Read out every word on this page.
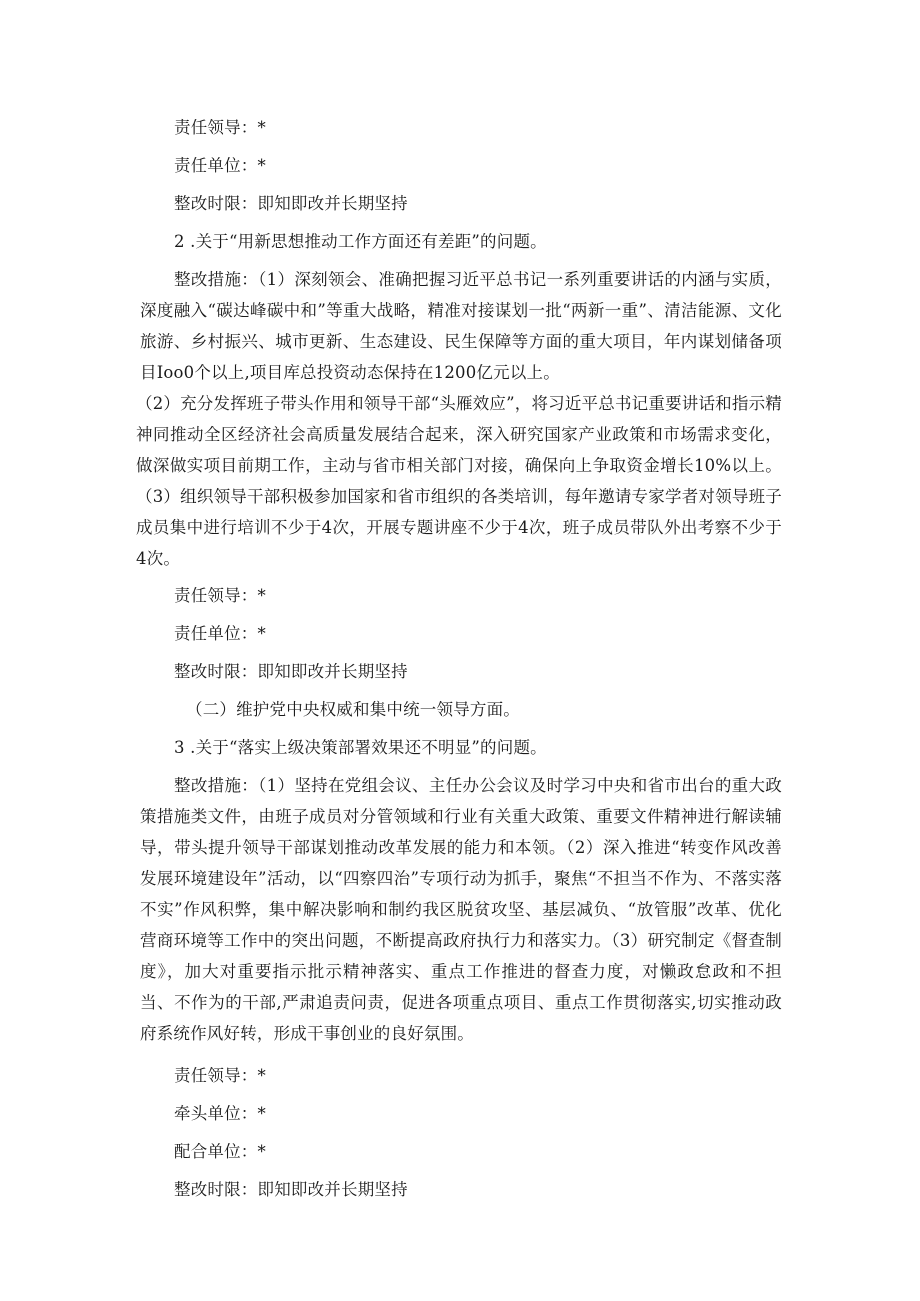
责任领导：*
责任单位：*
整改时限：即知即改并长期坚持
2 .关于“用新思想推动工作方面还有差距”的问题。
整改措施：（1）深刻领会、准确把握习近平总书记一系列重要讲话的内涵与实质，深度融入“碳达峰碳中和”等重大战略，精准对接谋划一批“两新一重”、清洁能源、文化旅游、乡村振兴、城市更新、生态建设、民生保障等方面的重大项目，年内谋划储备项目Ioo0个以上,项目库总投资动态保持在1200亿元以上。
（2）充分发挥班子带头作用和领导干部“头雁效应”，将习近平总书记重要讲话和指示精神同推动全区经济社会高质量发展结合起来，深入研究国家产业政策和市场需求变化，做深做实项目前期工作，主动与省市相关部门对接，确保向上争取资金增长10%以上。（3）组织领导干部积极参加国家和省市组织的各类培训，每年邀请专家学者对领导班子成员集中进行培训不少于4次，开展专题讲座不少于4次，班子成员带队外出考察不少于4次。
责任领导：*
责任单位：*
整改时限：即知即改并长期坚持
（二）维护党中央权威和集中统一领导方面。
3 .关于“落实上级决策部署效果还不明显”的问题。
整改措施：（1）坚持在党组会议、主任办公会议及时学习中央和省市出台的重大政策措施类文件，由班子成员对分管领域和行业有关重大政策、重要文件精神进行解读辅导，带头提升领导干部谋划推动改革发展的能力和本领。（2）深入推进“转变作风改善发展环境建设年”活动，以“四察四治”专项行动为抓手，聚焦“不担当不作为、不落实落不实”作风积弊，集中解决影响和制约我区脱贫攻坚、基层减负、“放管服”改革、优化营商环境等工作中的突出问题，不断提高政府执行力和落实力。（3）研究制定《督查制度》，加大对重要指示批示精神落实、重点工作推进的督查力度，对懒政怠政和不担当、不作为的干部,严肃追责问责，促进各项重点项目、重点工作贯彻落实,切实推动政府系统作风好转，形成干事创业的良好氛围。
责任领导：*
牵头单位：*
配合单位：*
整改时限：即知即改并长期坚持
